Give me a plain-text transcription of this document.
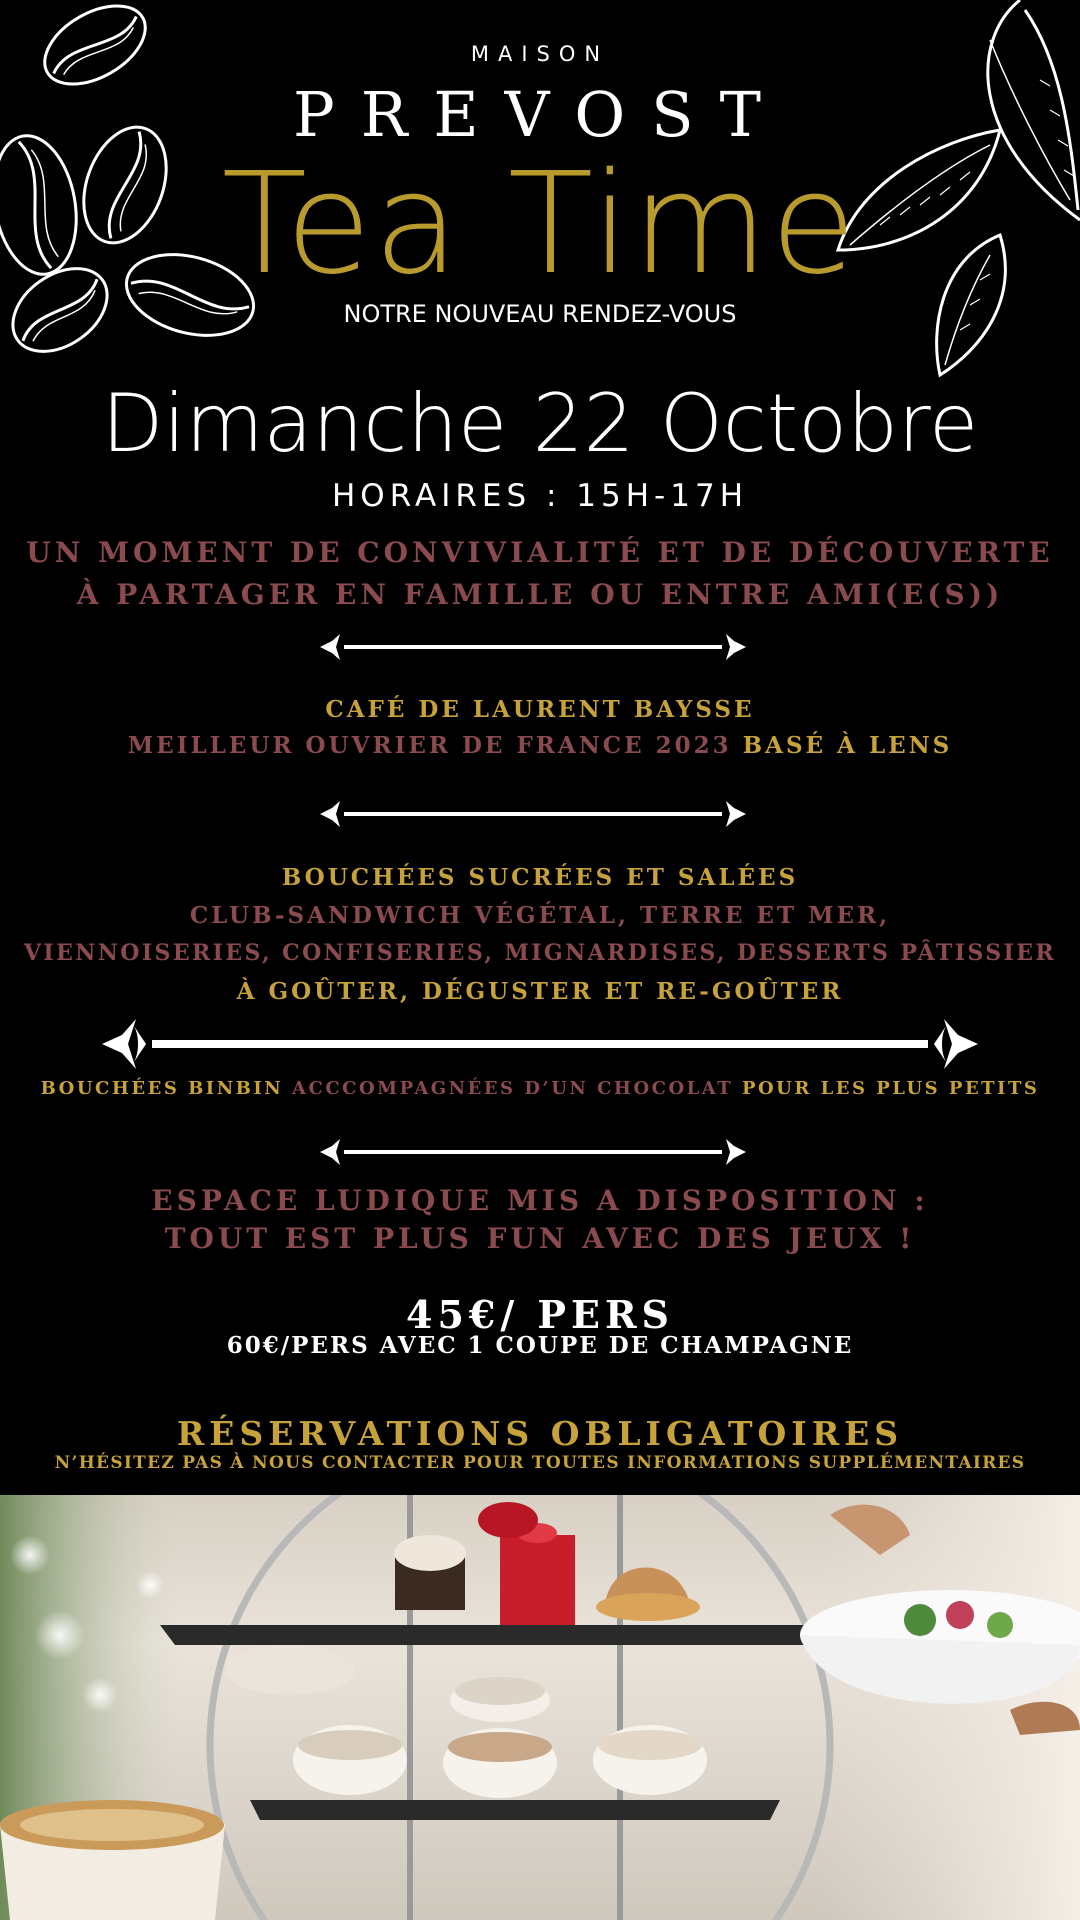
MAISON
PREVOST
Tea Time
NOTRE NOUVEAU RENDEZ-VOUS
Dimanche 22 Octobre
HORAIRES : 15H-17H
UN MOMENT DE CONVIVIALITÉ ET DE DÉCOUVERTE
À PARTAGER EN FAMILLE OU ENTRE AMI(E(S))
CAFÉ DE LAURENT BAYSSE
MEILLEUR OUVRIER DE FRANCE 2023 BASÉ À LENS
BOUCHÉES SUCRÉES ET SALÉES
CLUB-SANDWICH VÉGÉTAL, TERRE ET MER,
VIENNOISERIES, CONFISERIES, MIGNARDISES, DESSERTS PÂTISSIER
À GOÛTER, DÉGUSTER ET RE-GOÛTER
BOUCHÉES BINBIN ACCCOMPAGNÉES D’UN CHOCOLAT POUR LES PLUS PETITS
ESPACE LUDIQUE MIS A DISPOSITION :
TOUT EST PLUS FUN AVEC DES JEUX !
45€/ PERS
60€/PERS AVEC 1 COUPE DE CHAMPAGNE
RÉSERVATIONS OBLIGATOIRES
N’HÉSITEZ PAS À NOUS CONTACTER POUR TOUTES INFORMATIONS SUPPLÉMENTAIRES
